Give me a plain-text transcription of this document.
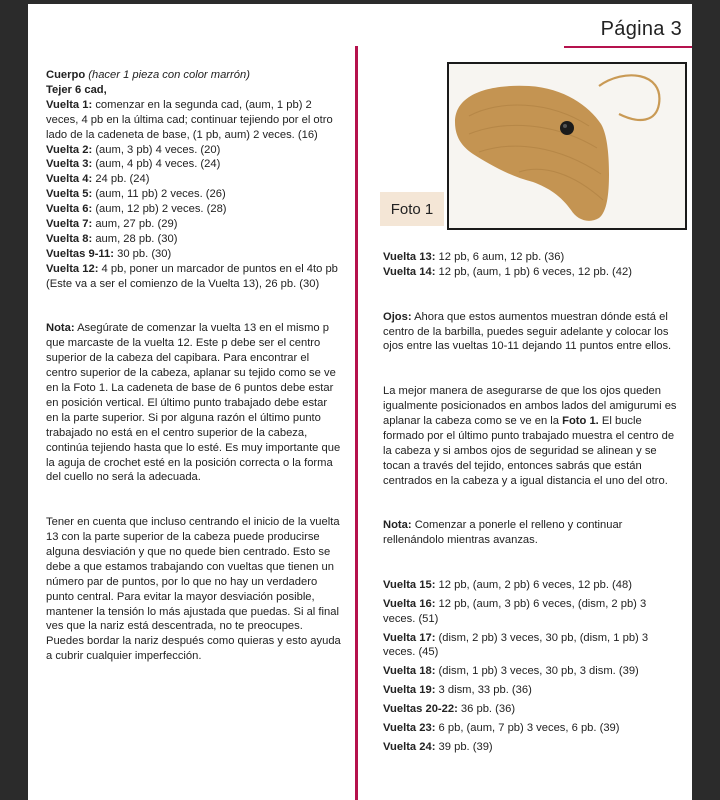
Página 3

Cuerpo (hacer 1 pieza con color marrón)

Tejer 6 cad,

Vuelta 1: comenzar en la segunda cad, (aum, 1 pb) 2 veces, 4 pb en la última cad; continuar tejiendo por el otro lado de la cadeneta de base, (1 pb, aum) 2 veces. (16)

Vuelta 2: (aum, 3 pb) 4 veces. (20)

Vuelta 3: (aum, 4 pb) 4 veces. (24)

Vuelta 4: 24 pb. (24)

Vuelta 5: (aum, 11 pb) 2 veces. (26)

Vuelta 6: (aum, 12 pb) 2 veces. (28)

Vuelta 7: aum, 27 pb. (29)

Vuelta 8: aum, 28 pb. (30)

Vueltas 9-11: 30 pb. (30)

Vuelta 12: 4 pb, poner un marcador de puntos en el 4to pb (Este va a ser el comienzo de la Vuelta 13), 26 pb. (30)

Nota: Asegúrate de comenzar la vuelta 13 en el mismo p que marcaste de la vuelta 12. Este p debe ser el centro superior de la cabeza del capibara. Para encontrar el centro superior de la cabeza, aplanar su tejido como se ve en la Foto 1. La cadeneta de base de 6 puntos debe estar en posición vertical. El último punto trabajado debe estar en la parte superior. Si por alguna razón el último punto trabajado no está en el centro superior de la cabeza, continúa tejiendo hasta que lo esté. Es muy importante que la aguja de crochet esté en la posición correcta o la forma del cuello no será la adecuada.

Tener en cuenta que incluso centrando el inicio de la vuelta 13 con la parte superior de la cabeza puede producirse alguna desviación y que no quede bien centrado. Esto se debe a que estamos trabajando con vueltas que tienen un número par de puntos, por lo que no hay un verdadero punto central. Para evitar la mayor desviación posible, mantener la tensión lo más ajustada que puedas. Si al final ves que la nariz está descentrada, no te preocupes. Puedes bordar la nariz después como quieras y esto ayuda a cubrir cualquier imperfección.

Foto 1

Vuelta 13: 12 pb, 6 aum, 12 pb. (36)

Vuelta 14: 12 pb, (aum, 1 pb) 6 veces, 12 pb. (42)

Ojos: Ahora que estos aumentos muestran dónde está el centro de la barbilla, puedes seguir adelante y colocar los ojos entre las vueltas 10-11 dejando 11 puntos entre ellos.

La mejor manera de asegurarse de que los ojos queden igualmente posicionados en ambos lados del amigurumi es aplanar la cabeza como se ve en la Foto 1. El bucle formado por el último punto trabajado muestra el centro de la cabeza y si ambos ojos de seguridad se alinean y se tocan a través del tejido, entonces sabrás que están centrados en la cabeza y a igual distancia el uno del otro.

Nota: Comenzar a ponerle el relleno y continuar rellenándolo mientras avanzas.

Vuelta 15: 12 pb, (aum, 2 pb) 6 veces, 12 pb. (48)

Vuelta 16: 12 pb, (aum, 3 pb) 6 veces, (dism, 2 pb) 3 veces. (51)

Vuelta 17: (dism, 2 pb) 3 veces, 30 pb, (dism, 1 pb) 3 veces. (45)

Vuelta 18: (dism, 1 pb) 3 veces, 30 pb, 3 dism. (39)

Vuelta 19: 3 dism, 33 pb. (36)

Vueltas 20-22: 36 pb. (36)

Vuelta 23: 6 pb, (aum, 7 pb) 3 veces, 6 pb. (39)

Vuelta 24: 39 pb. (39)
